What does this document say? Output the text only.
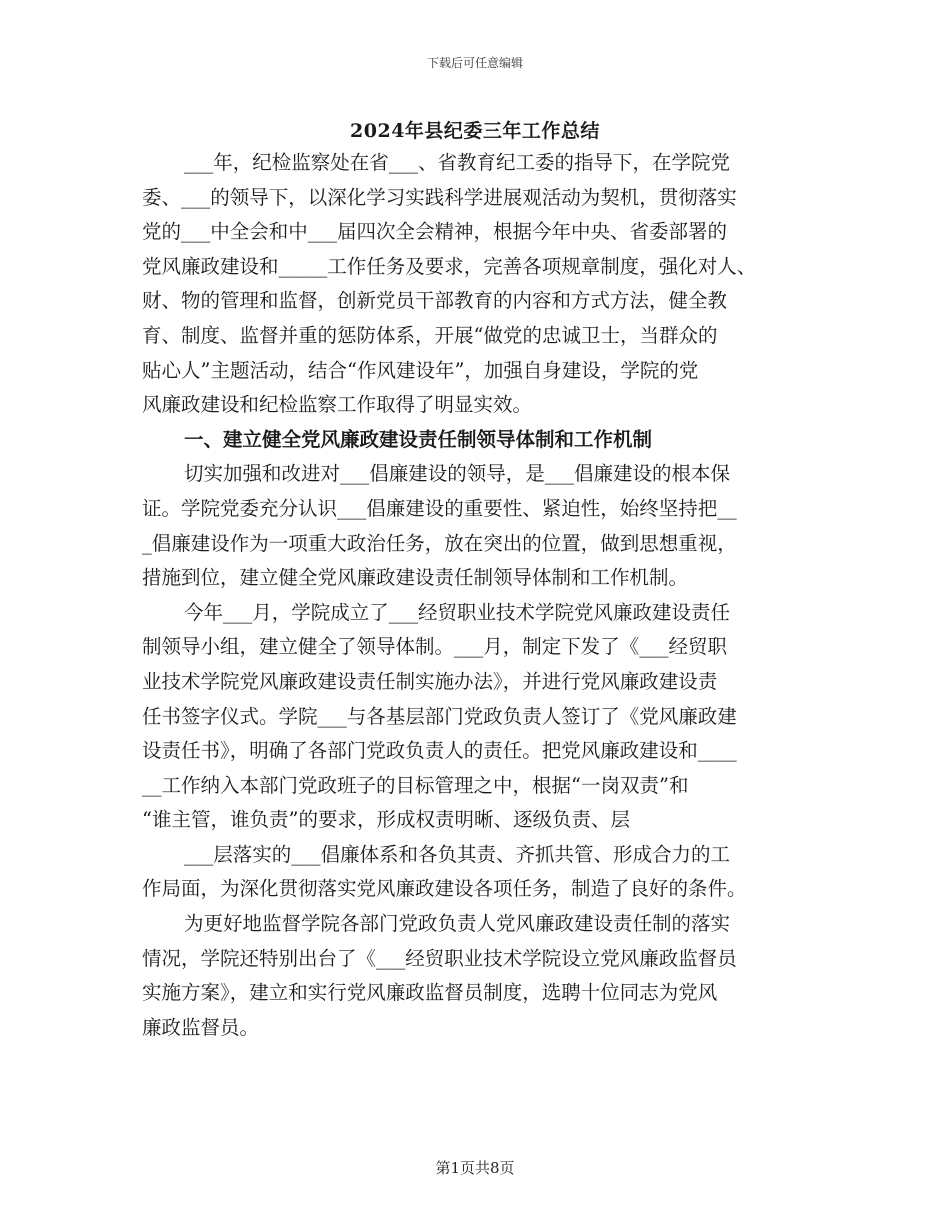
下载后可任意编辑
2024年县纪委三年工作总结

___年，纪检监察处在省___、省教育纪工委的指导下，在学院党

委、___的领导下，以深化学习实践科学进展观活动为契机，贯彻落实

党的___中全会和中___届四次全会精神，根据今年中央、省委部署的

党风廉政建设和_____工作任务及要求，完善各项规章制度，强化对人、

财、物的管理和监督，创新党员干部教育的内容和方式方法，健全教

育、制度、监督并重的惩防体系，开展“做党的忠诚卫士，当群众的

贴心人”主题活动，结合“作风建设年”，加强自身建设，学院的党

风廉政建设和纪检监察工作取得了明显实效。

一、建立健全党风廉政建设责任制领导体制和工作机制

切实加强和改进对___倡廉建设的领导，是___倡廉建设的根本保

证。学院党委充分认识___倡廉建设的重要性、紧迫性，始终坚持把__

_倡廉建设作为一项重大政治任务，放在突出的位置，做到思想重视，

措施到位，建立健全党风廉政建设责任制领导体制和工作机制。

今年___月，学院成立了___经贸职业技术学院党风廉政建设责任

制领导小组，建立健全了领导体制。___月，制定下发了《___经贸职

业技术学院党风廉政建设责任制实施办法》，并进行党风廉政建设责

任书签字仪式。学院___与各基层部门党政负责人签订了《党风廉政建

设责任书》，明确了各部门党政负责人的责任。把党风廉政建设和____

__工作纳入本部门党政班子的目标管理之中，根据“一岗双责”和

“谁主管，谁负责”的要求，形成权责明晰、逐级负责、层

___层落实的___倡廉体系和各负其责、齐抓共管、形成合力的工

作局面，为深化贯彻落实党风廉政建设各项任务，制造了良好的条件。

为更好地监督学院各部门党政负责人党风廉政建设责任制的落实

情况，学院还特别出台了《___经贸职业技术学院设立党风廉政监督员

实施方案》，建立和实行党风廉政监督员制度，选聘十位同志为党风

廉政监督员。

第1页共8页
